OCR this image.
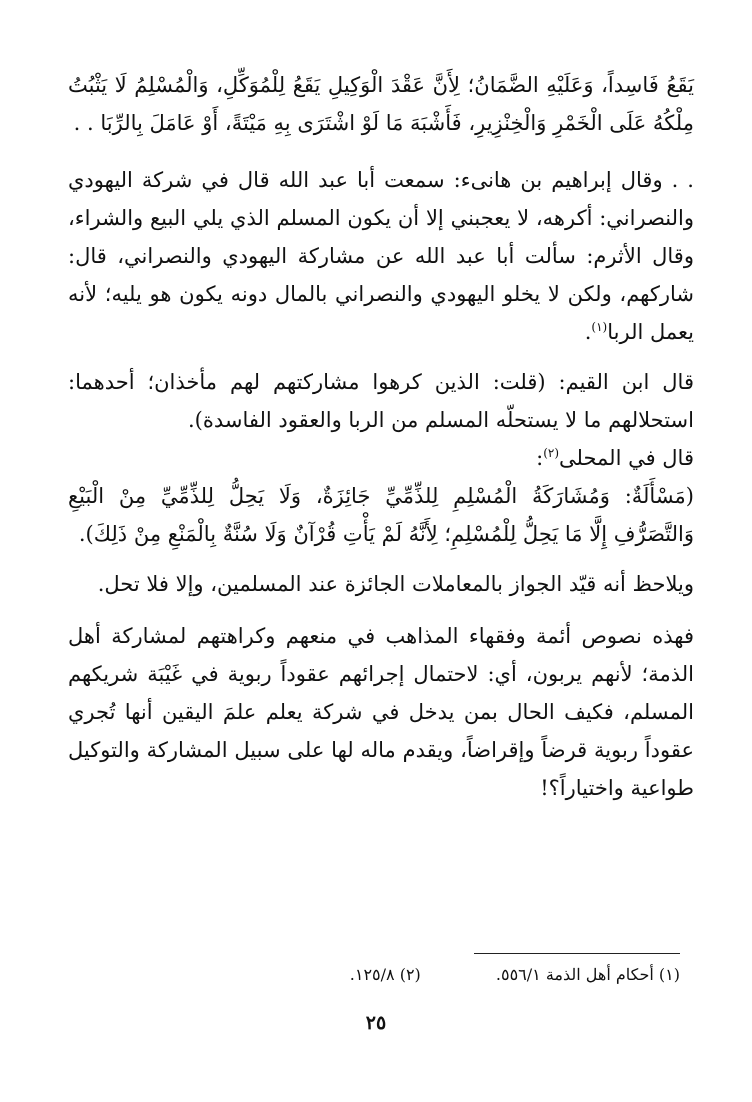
يَقَعُ فَاسِداً، وَعَلَيْهِ الضَّمَانُ؛ لِأَنَّ عَقْدَ الْوَكِيلِ يَقَعُ لِلْمُوَكِّلِ، وَالْمُسْلِمُ لَا يَثْبُتُ مِلْكُهُ عَلَى الْخَمْرِ وَالْخِنْزِيرِ، فَأَشْبَهَ مَا لَوْ اشْتَرَى بِهِ مَيْتَةً، أَوْ عَامَلَ بِالرِّبَا . .

. . وقال إبراهيم بن هانىء: سمعت أبا عبد الله قال في شركة اليهودي والنصراني: أكرهه، لا يعجبني إلا أن يكون المسلم الذي يلي البيع والشراء، وقال الأثرم: سألت أبا عبد الله عن مشاركة اليهودي والنصراني، قال: شاركهم، ولكن لا يخلو اليهودي والنصراني بالمال دونه يكون هو يليه؛ لأنه يعمل الربا$^{(١)}$.

قال ابن القيم: (قلت: الذين كرهوا مشاركتهم لهم مأخذان؛ أحدهما: استحلالهم ما لا يستحلّه المسلم من الربا والعقود الفاسدة).

قال في المحلى$^{(٢)}$:

(مَسْأَلَةٌ: وَمُشَارَكَةُ الْمُسْلِمِ لِلذِّمِّيِّ جَائِزَةٌ، وَلَا يَحِلُّ لِلذِّمِّيِّ مِنْ الْبَيْعِ وَالتَّصَرُّفِ إِلَّا مَا يَحِلُّ لِلْمُسْلِمِ؛ لِأَنَّهُ لَمْ يَأْتِ قُرْآنٌ وَلَا سُنَّةٌ بِالْمَنْعِ مِنْ ذَلِكَ).

ويلاحظ أنه قيّد الجواز بالمعاملات الجائزة عند المسلمين، وإلا فلا تحل.

فهذه نصوص أئمة وفقهاء المذاهب في منعهم وكراهتهم لمشاركة أهل الذمة؛ لأنهم يربون، أي: لاحتمال إجرائهم عقوداً ربوية في غَيْبَة شريكهم المسلم، فكيف الحال بمن يدخل في شركة يعلم علمَ اليقين أنها تُجري عقوداً ربوية قرضاً وإقراضاً، ويقدم ماله لها على سبيل المشاركة والتوكيل طواعية واختياراً؟!

(١) أحكام أهل الذمة ٥٥٦/١. (٢) ١٢٥/٨.
٢٥
